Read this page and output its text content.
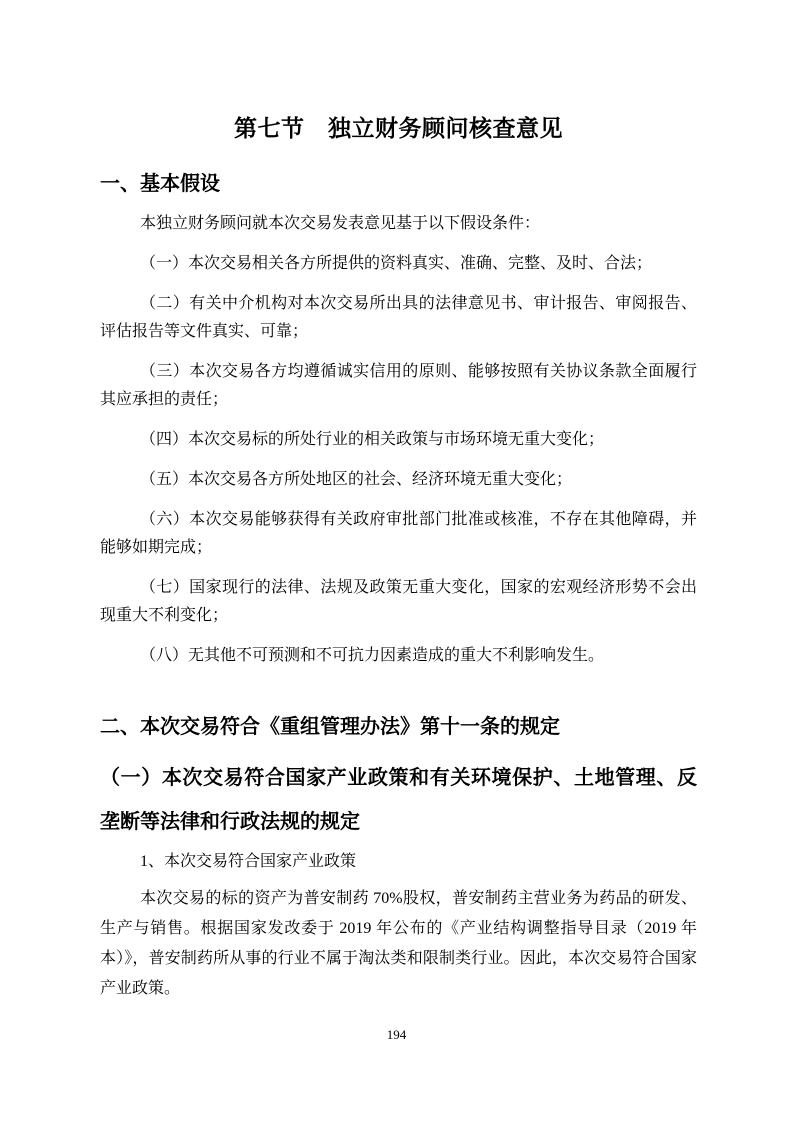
第七节　独立财务顾问核查意见
一、基本假设

本独立财务顾问就本次交易发表意见基于以下假设条件：

（一）本次交易相关各方所提供的资料真实、准确、完整、及时、合法；

（二）有关中介机构对本次交易所出具的法律意见书、审计报告、审阅报告、评估报告等文件真实、可靠；

（三）本次交易各方均遵循诚实信用的原则、能够按照有关协议条款全面履行其应承担的责任；

（四）本次交易标的所处行业的相关政策与市场环境无重大变化；

（五）本次交易各方所处地区的社会、经济环境无重大变化；

（六）本次交易能够获得有关政府审批部门批准或核准，不存在其他障碍，并能够如期完成；

（七）国家现行的法律、法规及政策无重大变化，国家的宏观经济形势不会出现重大不利变化；

（八）无其他不可预测和不可抗力因素造成的重大不利影响发生。

二、本次交易符合《重组管理办法》第十一条的规定
（一）本次交易符合国家产业政策和有关环境保护、土地管理、反垄断等法律和行政法规的规定

1、本次交易符合国家产业政策

本次交易的标的资产为普安制药 70%股权，普安制药主营业务为药品的研发、生产与销售。根据国家发改委于 2019 年公布的《产业结构调整指导目录（2019 年本）》，普安制药所从事的行业不属于淘汰类和限制类行业。因此，本次交易符合国家产业政策。

194
